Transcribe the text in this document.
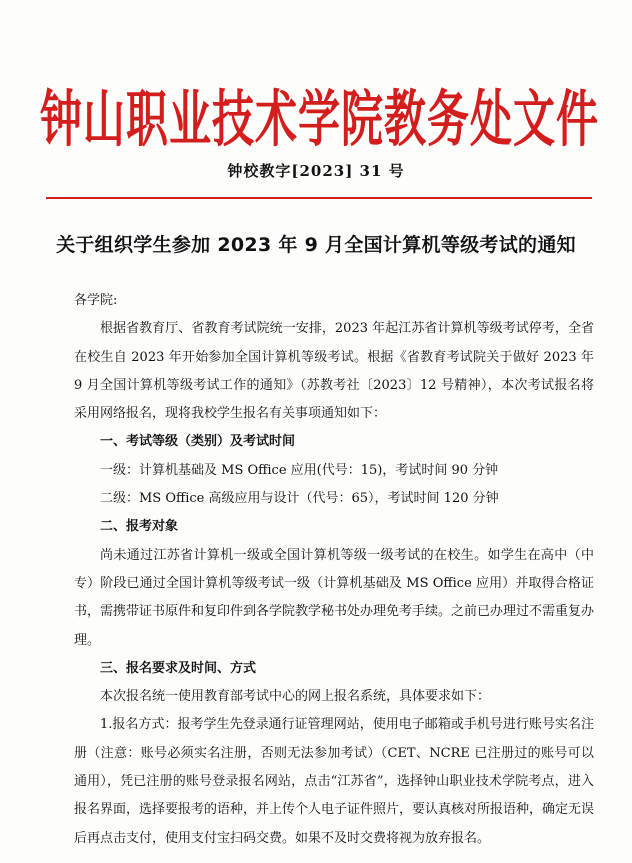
钟山职业技术学院教务处文件
钟校教字[2023] 31 号
关于组织学生参加 2023 年 9 月全国计算机等级考试的通知

各学院:

根据省教育厅、省教育考试院统一安排，2023 年起江苏省计算机等级考试停考，全省在校生自 2023 年开始参加全国计算机等级考试。根据《省教育考试院关于做好 2023 年 9 月全国计算机等级考试工作的通知》（苏教考社〔2023〕12 号精神），本次考试报名将采用网络报名，现将我校学生报名有关事项通知如下：

一、考试等级（类别）及考试时间

一级：计算机基础及 MS Office 应用(代号：15)，考试时间 90 分钟

二级：MS Office 高级应用与设计（代号：65），考试时间 120 分钟

二、报考对象

尚未通过江苏省计算机一级或全国计算机等级一级考试的在校生。如学生在高中（中专）阶段已通过全国计算机等级考试一级（计算机基础及 MS Office 应用）并取得合格证书，需携带证书原件和复印件到各学院教学秘书处办理免考手续。之前已办理过不需重复办理。

三、报名要求及时间、方式

本次报名统一使用教育部考试中心的网上报名系统，具体要求如下：

1.报名方式：报考学生先登录通行证管理网站，使用电子邮箱或手机号进行账号实名注册（注意：账号必须实名注册，否则无法参加考试）（CET、NCRE 已注册过的账号可以通用），凭已注册的账号登录报名网站，点击“江苏省”，选择钟山职业技术学院考点，进入报名界面，选择要报考的语种，并上传个人电子证件照片，要认真核对所报语种，确定无误后再点击支付，使用支付宝扫码交费。如果不及时交费将视为放弃报名。
